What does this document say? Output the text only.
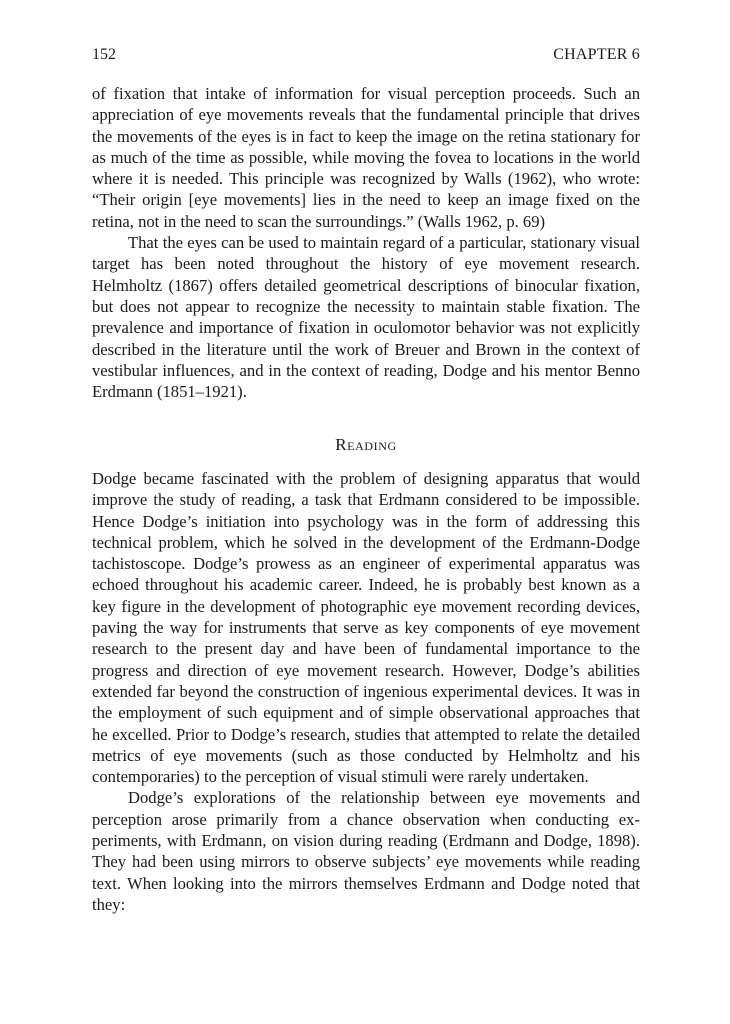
152	CHAPTER 6

of fixation that intake of information for visual perception proceeds. Such an appreciation of eye movements reveals that the fundamental principle that drives the movements of the eyes is in fact to keep the image on the retina stationary for as much of the time as possible, while moving the fovea to locations in the world where it is needed. This principle was recognized by Walls (1962), who wrote: “Their origin [eye movements] lies in the need to keep an image fixed on the retina, not in the need to scan the surroundings.” (Walls 1962, p. 69)

That the eyes can be used to maintain regard of a particular, stationary visual target has been noted throughout the history of eye movement research. Helmholtz (1867) offers detailed geometrical descriptions of binocular fixation, but does not appear to recognize the necessity to maintain stable fixation. The prevalence and importance of fixation in oculomotor behavior was not explicitly described in the literature until the work of Breuer and Brown in the context of vestibular influences, and in the context of reading, Dodge and his mentor Benno Erdmann (1851–1921).

Reading

Dodge became fascinated with the problem of designing apparatus that would improve the study of reading, a task that Erdmann considered to be impossible. Hence Dodge’s initiation into psychology was in the form of addressing this technical problem, which he solved in the development of the Erdmann-Dodge tachistoscope. Dodge’s prowess as an engineer of experimental apparatus was echoed throughout his academic career. Indeed, he is probably best known as a key figure in the development of photographic eye movement recording devices, paving the way for instruments that serve as key components of eye movement research to the present day and have been of fundamental importance to the progress and direction of eye movement research. However, Dodge’s abilities extended far beyond the construction of ingenious experimental devices. It was in the employment of such equipment and of simple observational approaches that he excelled. Prior to Dodge’s research, studies that attempted to relate the detailed metrics of eye movements (such as those conducted by Helmholtz and his contemporaries) to the perception of visual stimuli were rarely undertaken.

Dodge’s explorations of the relationship between eye movements and perception arose primarily from a chance observation when conducting experiments, with Erdmann, on vision during reading (Erdmann and Dodge, 1898). They had been using mirrors to observe subjects’ eye movements while reading text. When looking into the mirrors themselves Erdmann and Dodge noted that they:
